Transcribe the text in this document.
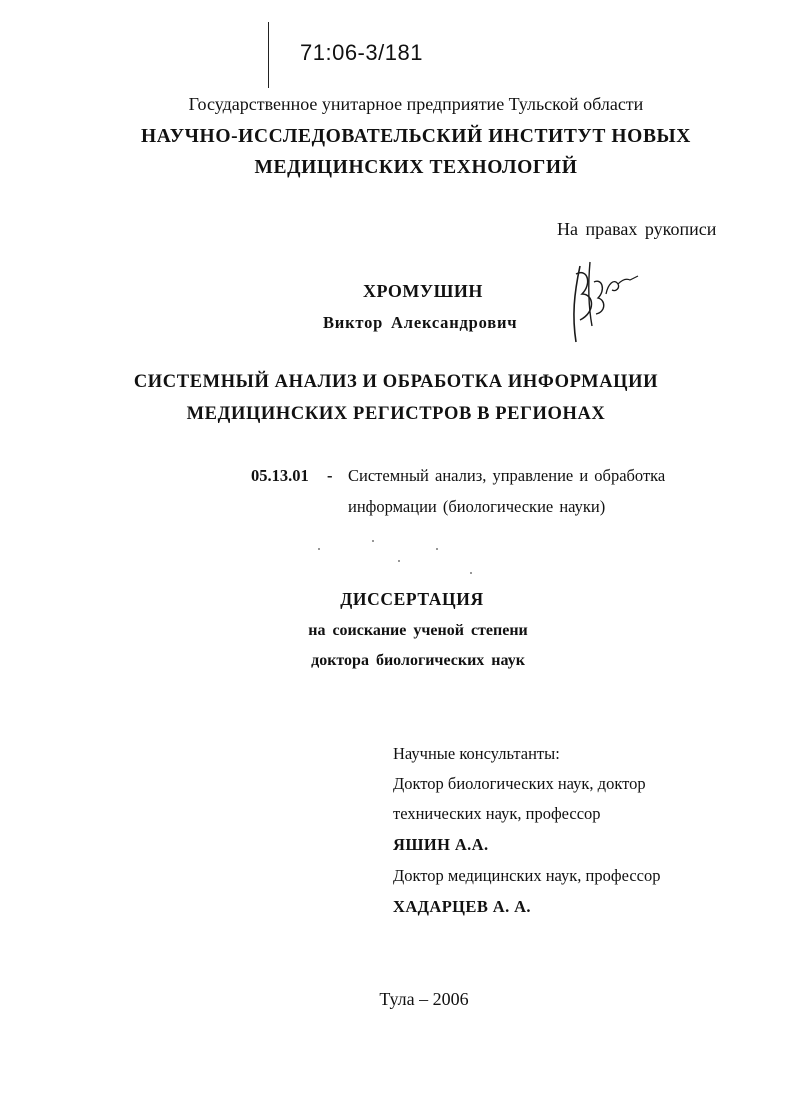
71:06-3/181
Государственное унитарное предприятие Тульской области
НАУЧНО-ИССЛЕДОВАТЕЛЬСКИЙ ИНСТИТУТ НОВЫХ
МЕДИЦИНСКИХ ТЕХНОЛОГИЙ
На правах рукописи
ХРОМУШИН
Виктор Александрович
СИСТЕМНЫЙ АНАЛИЗ И ОБРАБОТКА ИНФОРМАЦИИ
МЕДИЦИНСКИХ РЕГИСТРОВ В РЕГИОНАХ
05.13.01 - Системный анализ, управление и обработка
информации (биологические науки)
ДИССЕРТАЦИЯ
на соискание ученой степени
доктора биологических наук
Научные консультанты:
Доктор биологических наук, доктор
технических наук, профессор
ЯШИН А.А.
Доктор медицинских наук, профессор
ХАДАРЦЕВ А. А.
Тула – 2006
